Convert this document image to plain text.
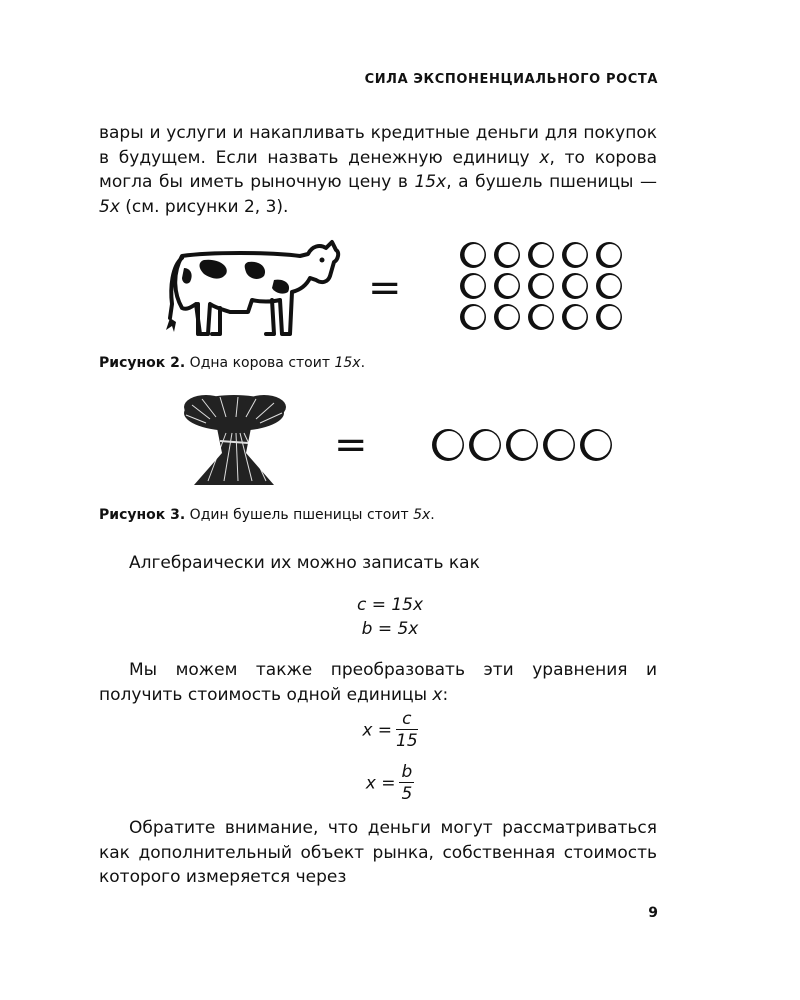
СИЛА ЭКСПОНЕНЦИАЛЬНОГО РОСТА
вары и услуги и накапливать кредитные деньги для покупок в будущем. Если назвать денежную единицу x, то корова могла бы иметь рыночную цену в 15x, а бушель пшеницы — 5x (см. рисунки 2, 3).
=
Рисунок 2. Одна корова стоит 15x.
=
Рисунок 3. Один бушель пшеницы стоит 5x.
Алгебраически их можно записать как
c = 15x
b = 5x
Мы можем также преобразовать эти уравнения и получить стоимость одной единицы x:
$x = \frac{c}{15}$
$x = \frac{b}{5}$
Обратите внимание, что деньги могут рассматриваться как дополнительный объект рынка, собственная стоимость которого измеряется через
9
